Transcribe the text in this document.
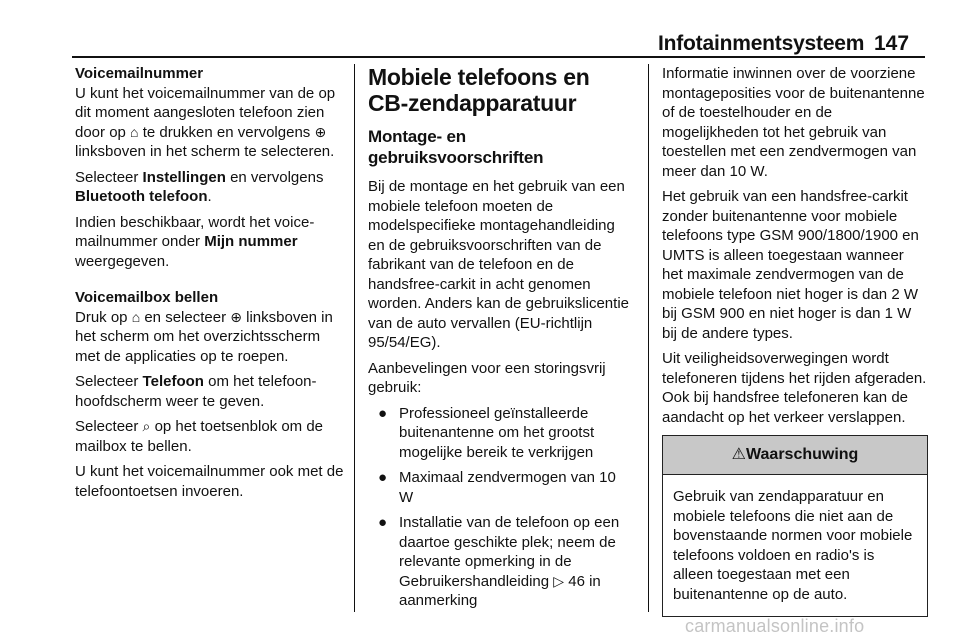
Infotainmentsysteem 147

Voicemailnummer

U kunt het voicemailnummer van de op dit moment aangesloten telefoon zien door op ⌂ te drukken en vervolgens ⊕ linksboven in het scherm te selecteren.

Selecteer Instellingen en vervolgens Bluetooth telefoon.

Indien beschikbaar, wordt het voicemailnummer onder Mijn nummer weergegeven.

Voicemailbox bellen

Druk op ⌂ en selecteer ⊕ linksboven in het scherm om het overzichtsscherm met de applicaties op te roepen.

Selecteer Telefoon om het telefoonhoofdscherm weer te geven.

Selecteer ⌕ op het toetsenblok om de mailbox te bellen.

U kunt het voicemailnummer ook met de telefoontoetsen invoeren.

Mobiele telefoons en CB-zendapparatuur
Montage- en gebruiksvoorschriften

Bij de montage en het gebruik van een mobiele telefoon moeten de modelspecifieke montagehandleiding en de gebruiksvoorschriften van de fabrikant van de telefoon en de handsfree-carkit in acht genomen worden. Anders kan de gebruikslicentie van de auto vervallen (EU-richtlijn 95/54/EG).

Aanbevelingen voor een storingsvrij gebruik:

● Professioneel geïnstalleerde buitenantenne om het grootst mogelijke bereik te verkrijgen
● Maximaal zendvermogen van 10 W
● Installatie van de telefoon op een daartoe geschikte plek; neem de relevante opmerking in de Gebruikershandleiding ▷ 46 in aanmerking

Informatie inwinnen over de voorziene montageposities voor de buitenantenne of de toestelhouder en de mogelijkheden tot het gebruik van toestellen met een zendvermogen van meer dan 10 W.

Het gebruik van een handsfree-carkit zonder buitenantenne voor mobiele telefoons type GSM 900/1800/1900 en UMTS is alleen toegestaan wanneer het maximale zendvermogen van de mobiele telefoon niet hoger is dan 2 W bij GSM 900 en niet hoger is dan 1 W bij de andere types.

Uit veiligheidsoverwegingen wordt telefoneren tijdens het rijden afgeraden. Ook bij handsfree telefoneren kan de aandacht op het verkeer verslappen.

⚠Waarschuwing
Gebruik van zendapparatuur en mobiele telefoons die niet aan de bovenstaande normen voor mobiele telefoons voldoen en radio's is alleen toegestaan met een buitenantenne op de auto.
carmanualsonline.info
